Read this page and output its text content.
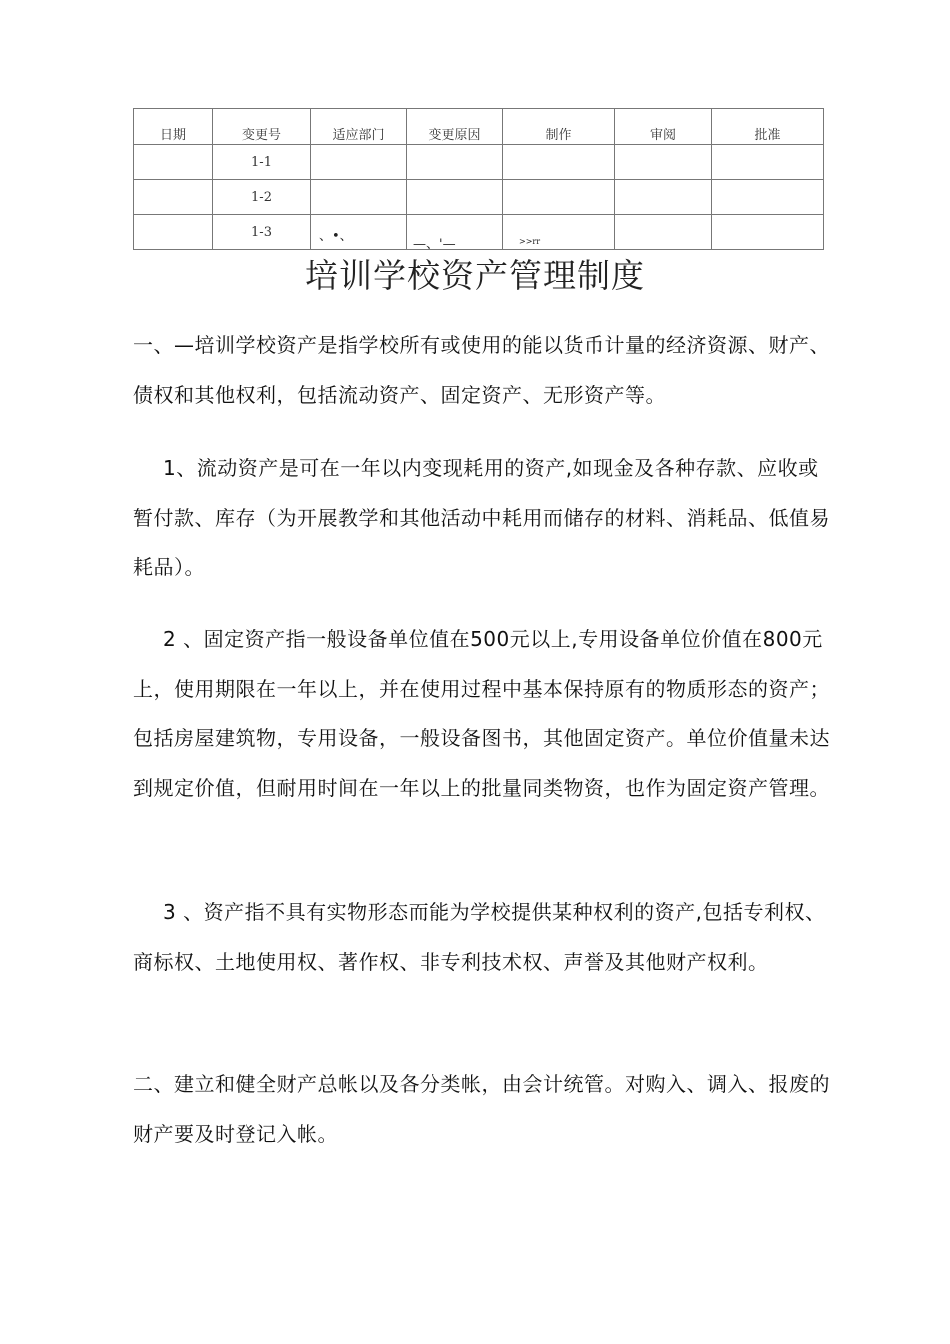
日期	变更号	适应部门	变更原因	制作	审阅	批准
	1-1					
	1-2					
	1-3	、•、	—、'—	>>rr		

培训学校资产管理制度

一、—培训学校资产是指学校所有或使用的能以货币计量的经济资源、财产、债权和其他权利，包括流动资产、固定资产、无形资产等。

1、流动资产是可在一年以内变现耗用的资产,如现金及各种存款、应收或暂付款、库存（为开展教学和其他活动中耗用而储存的材料、消耗品、低值易耗品）。

2 、固定资产指一般设备单位值在500元以上,专用设备单位价值在800元上，使用期限在一年以上，并在使用过程中基本保持原有的物质形态的资产；包括房屋建筑物，专用设备，一般设备图书，其他固定资产。单位价值量未达到规定价值，但耐用时间在一年以上的批量同类物资，也作为固定资产管理。

3 、资产指不具有实物形态而能为学校提供某种权利的资产,包括专利权、商标权、土地使用权、著作权、非专利技术权、声誉及其他财产权利。

二、建立和健全财产总帐以及各分类帐，由会计统管。对购入、调入、报废的财产要及时登记入帐。
